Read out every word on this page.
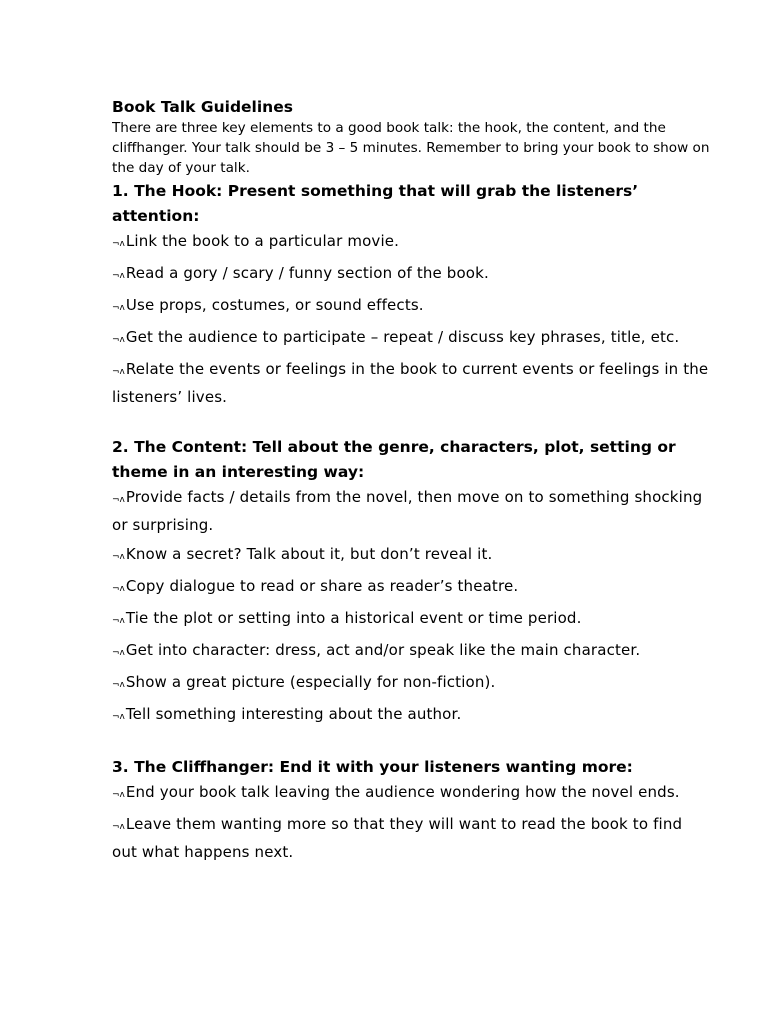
Book Talk Guidelines

There are three key elements to a good book talk: the hook, the content, and the cliffhanger. Your talk should be 3 – 5 minutes. Remember to bring your book to show on the day of your talk.

1. The Hook: Present something that will grab the listeners’ attention:

¬ʌLink the book to a particular movie.

¬ʌRead a gory / scary / funny section of the book.

¬ʌUse props, costumes, or sound effects.

¬ʌGet the audience to participate – repeat / discuss key phrases, title, etc.

¬ʌRelate the events or feelings in the book to current events or feelings in the listeners’ lives.

2. The Content: Tell about the genre, characters, plot, setting or theme in an interesting way:

¬ʌProvide facts / details from the novel, then move on to something shocking or surprising.

¬ʌKnow a secret? Talk about it, but don’t reveal it.

¬ʌCopy dialogue to read or share as reader’s theatre.

¬ʌTie the plot or setting into a historical event or time period.

¬ʌGet into character: dress, act and/or speak like the main character.

¬ʌShow a great picture (especially for non-fiction).

¬ʌTell something interesting about the author.

3. The Cliffhanger: End it with your listeners wanting more:

¬ʌEnd your book talk leaving the audience wondering how the novel ends.

¬ʌLeave them wanting more so that they will want to read the book to find out what happens next.
